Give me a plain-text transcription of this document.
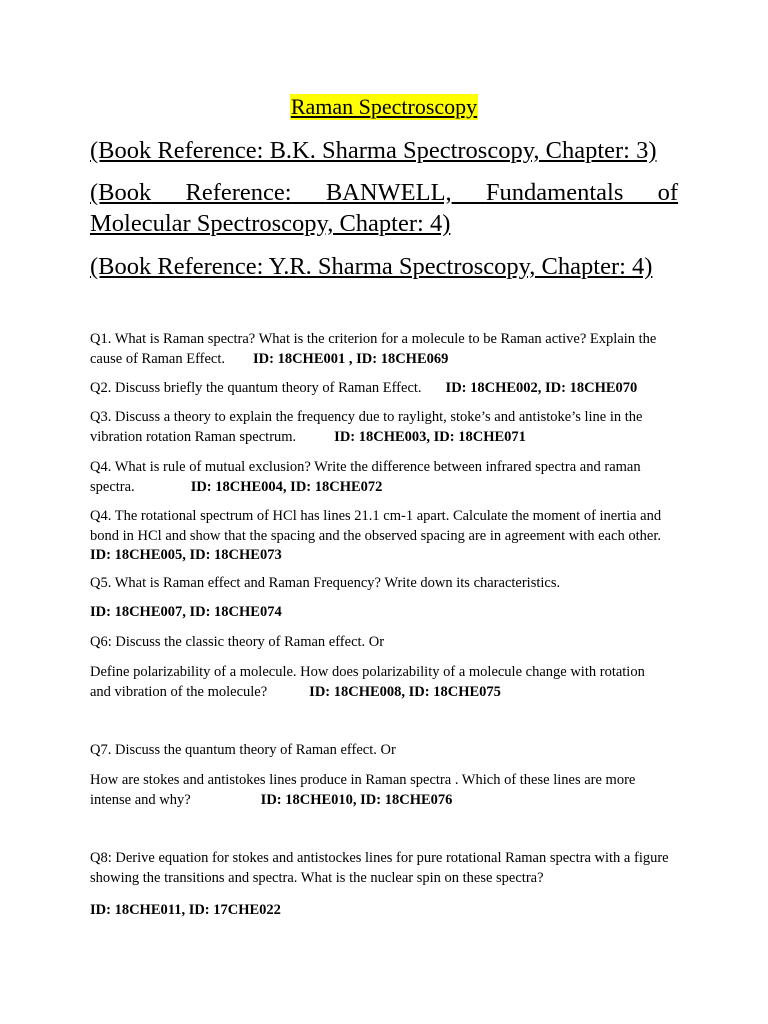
Raman Spectroscopy
(Book Reference: B.K. Sharma Spectroscopy, Chapter: 3)
(Book Reference: BANWELL, Fundamentals of
Molecular Spectroscopy, Chapter: 4)
(Book Reference: Y.R. Sharma Spectroscopy, Chapter: 4)
Q1. What is Raman spectra? What is the criterion for a molecule to be Raman active? Explain the
cause of Raman Effect. ID: 18CHE001 , ID: 18CHE069
Q2. Discuss briefly the quantum theory of Raman Effect. ID: 18CHE002, ID: 18CHE070
Q3. Discuss a theory to explain the frequency due to raylight, stoke’s and antistoke’s line in the
vibration rotation Raman spectrum.	ID: 18CHE003, ID: 18CHE071
Q4. What is rule of mutual exclusion? Write the difference between infrared spectra and raman
spectra.	ID: 18CHE004, ID: 18CHE072
Q4. The rotational spectrum of HCl has lines 21.1 cm-1 apart. Calculate the moment of inertia and
bond in HCl and show that the spacing and the observed spacing are in agreement with each other.
ID: 18CHE005, ID: 18CHE073
Q5. What is Raman effect and Raman Frequency? Write down its characteristics.
ID: 18CHE007, ID: 18CHE074
Q6: Discuss the classic theory of Raman effect. Or
Define polarizability of a molecule. How does polarizability of a molecule change with rotation
and vibration of the molecule?	ID: 18CHE008, ID: 18CHE075
Q7. Discuss the quantum theory of Raman effect. Or
How are stokes and antistokes lines produce in Raman spectra . Which of these lines are more
intense and why?	ID: 18CHE010, ID: 18CHE076
Q8: Derive equation for stokes and antistockes lines for pure rotational Raman spectra with a figure
showing the transitions and spectra. What is the nuclear spin on these spectra?
ID: 18CHE011, ID: 17CHE022
